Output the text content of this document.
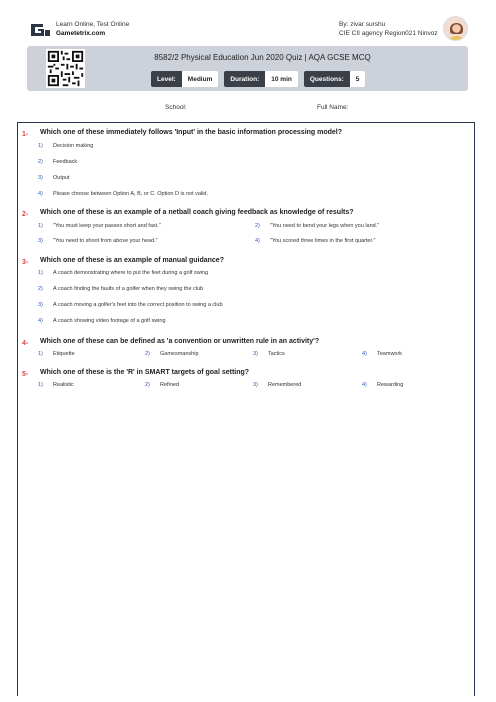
Learn Online, Test Online
Gametetrix.com
By: zivar surshu
CIE CII agency Region021 Ninvoz
8582/2 Physical Education Jun 2020 Quiz | AQA GCSE MCQ
Level:	Medium	Duration:	10 min	Questions:	5
School:	Full Name:
1- Which one of these immediately follows 'Input' in the basic information processing model?
1) Decision making
2) Feedback
3) Output
4) Please choose between Option A, B, or C. Option D is not valid.
2- Which one of these is an example of a netball coach giving feedback as knowledge of results?
1) "You must keep your passes short and fast."	2) "You need to bend your legs when you land."
3) "You need to shoot from above your head."	4) "You scored three times in the first quarter."
3- Which one of these is an example of manual guidance?
1) A coach demonstrating where to put the feet during a golf swing
2) A coach finding the faults of a golfer when they swing the club
3) A coach moving a golfer's feet into the correct position to swing a club
4) A coach showing video footage of a golf swing
4- Which one of these can be defined as 'a convention or unwritten rule in an activity'?
1) Etiquette	2) Gamesmanship	3) Tactics	4) Teamwork
5- Which one of these is the 'R' in SMART targets of goal setting?
1) Realistic	2) Refined	3) Remembered	4) Rewarding
